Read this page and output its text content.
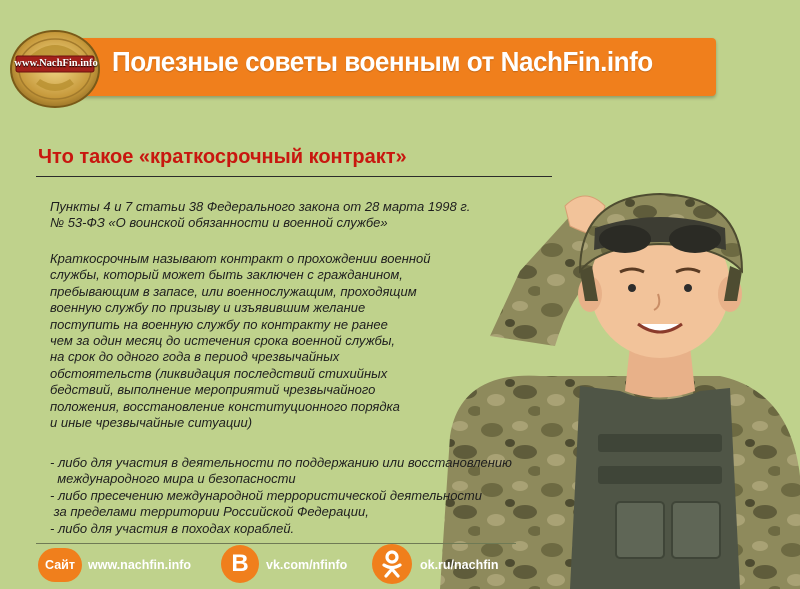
www.NachFin.info Полезные советы военным от NachFin.info
Что такое «краткосрочный контракт»
Пункты 4 и 7 статьи 38 Федерального закона от 28 марта 1998 г.
№ 53-ФЗ «О воинской обязанности и военной службе»
Краткосрочным называют контракт о прохождении военной
службы, который может быть заключен с гражданином,
пребывающим в запасе, или военнослужащим, проходящим
военную службу по призыву и изъявившим желание
поступить на военную службу по контракту не ранее
чем за один месяц до истечения срока военной службы,
на срок до одного года в период чрезвычайных
обстоятельств (ликвидация последствий стихийных
бедствий, выполнение мероприятий чрезвычайного
положения, восстановление конституционного порядка
и иные чрезвычайные ситуации)
- либо для участия в деятельности по поддержанию или восстановлению
международного мира и безопасности
- либо пресечению международной террористической деятельности
за пределами территории Российской Федерации,
- либо для участия в походах кораблей.
Сайт www.nachfin.info B vk.com/nfinfo	ok.ru/nachfin
